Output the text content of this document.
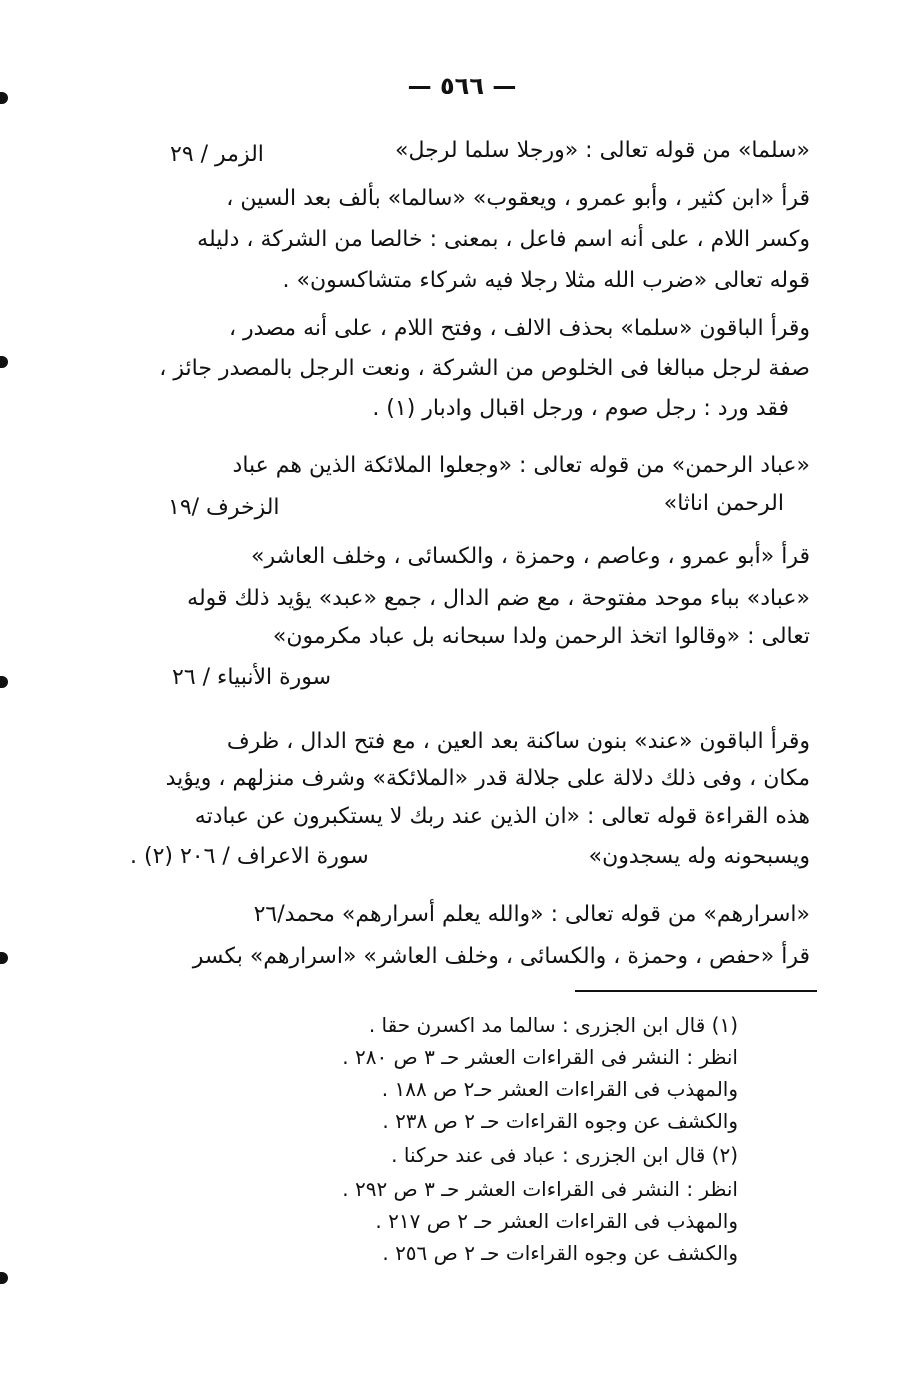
— ٥٦٦ —
«سلما» من قوله تعالى : «ورجلا سلما لرجل»
الزمر / ٢٩
قرأ «ابن كثير ، وأبو عمرو ، ويعقوب» «سالما» بألف بعد السين ،
وكسر اللام ، على أنه اسم فاعل ، بمعنى : خالصا من الشركة ، دليله
قوله تعالى «ضرب الله مثلا رجلا فيه شركاء متشاكسون» .
وقرأ الباقون «سلما» بحذف الالف ، وفتح اللام ، على أنه مصدر ،
صفة لرجل مبالغا فى الخلوص من الشركة ، ونعت الرجل بالمصدر جائز ،
فقد ورد : رجل صوم ، ورجل اقبال وادبار (١) .
«عباد الرحمن» من قوله تعالى : «وجعلوا الملائكة الذين هم عباد
الرحمن اناثا»
الزخرف /١٩
قرأ «أبو عمرو ، وعاصم ، وحمزة ، والكسائى ، وخلف العاشر»
«عباد» بباء موحد مفتوحة ، مع ضم الدال ، جمع «عبد» يؤيد ذلك قوله
تعالى : «وقالوا اتخذ الرحمن ولدا سبحانه بل عباد مكرمون»
سورة الأنبياء / ٢٦
وقرأ الباقون «عند» بنون ساكنة بعد العين ، مع فتح الدال ، ظرف
مكان ، وفى ذلك دلالة على جلالة قدر «الملائكة» وشرف منزلهم ، ويؤيد
هذه القراءة قوله تعالى : «ان الذين عند ربك لا يستكبرون عن عبادته
ويسبحونه وله يسجدون»
سورة الاعراف / ٢٠٦ (٢) .
«اسرارهم» من قوله تعالى : «والله يعلم أسرارهم» محمد/٢٦
قرأ «حفص ، وحمزة ، والكسائى ، وخلف العاشر» «اسرارهم» بكسر
(١) قال ابن الجزرى : سالما مد اكسرن حقا .
انظر : النشر فى القراءات العشر حـ ٣ ص ٢٨٠ .
والمهذب فى القراءات العشر حـ٢ ص ١٨٨ .
والكشف عن وجوه القراءات حـ ٢ ص ٢٣٨ .
(٢) قال ابن الجزرى : عباد فى عند حركنا .
انظر : النشر فى القراءات العشر حـ ٣ ص ٢٩٢ .
والمهذب فى القراءات العشر حـ ٢ ص ٢١٧ .
والكشف عن وجوه القراءات حـ ٢ ص ٢٥٦ .
